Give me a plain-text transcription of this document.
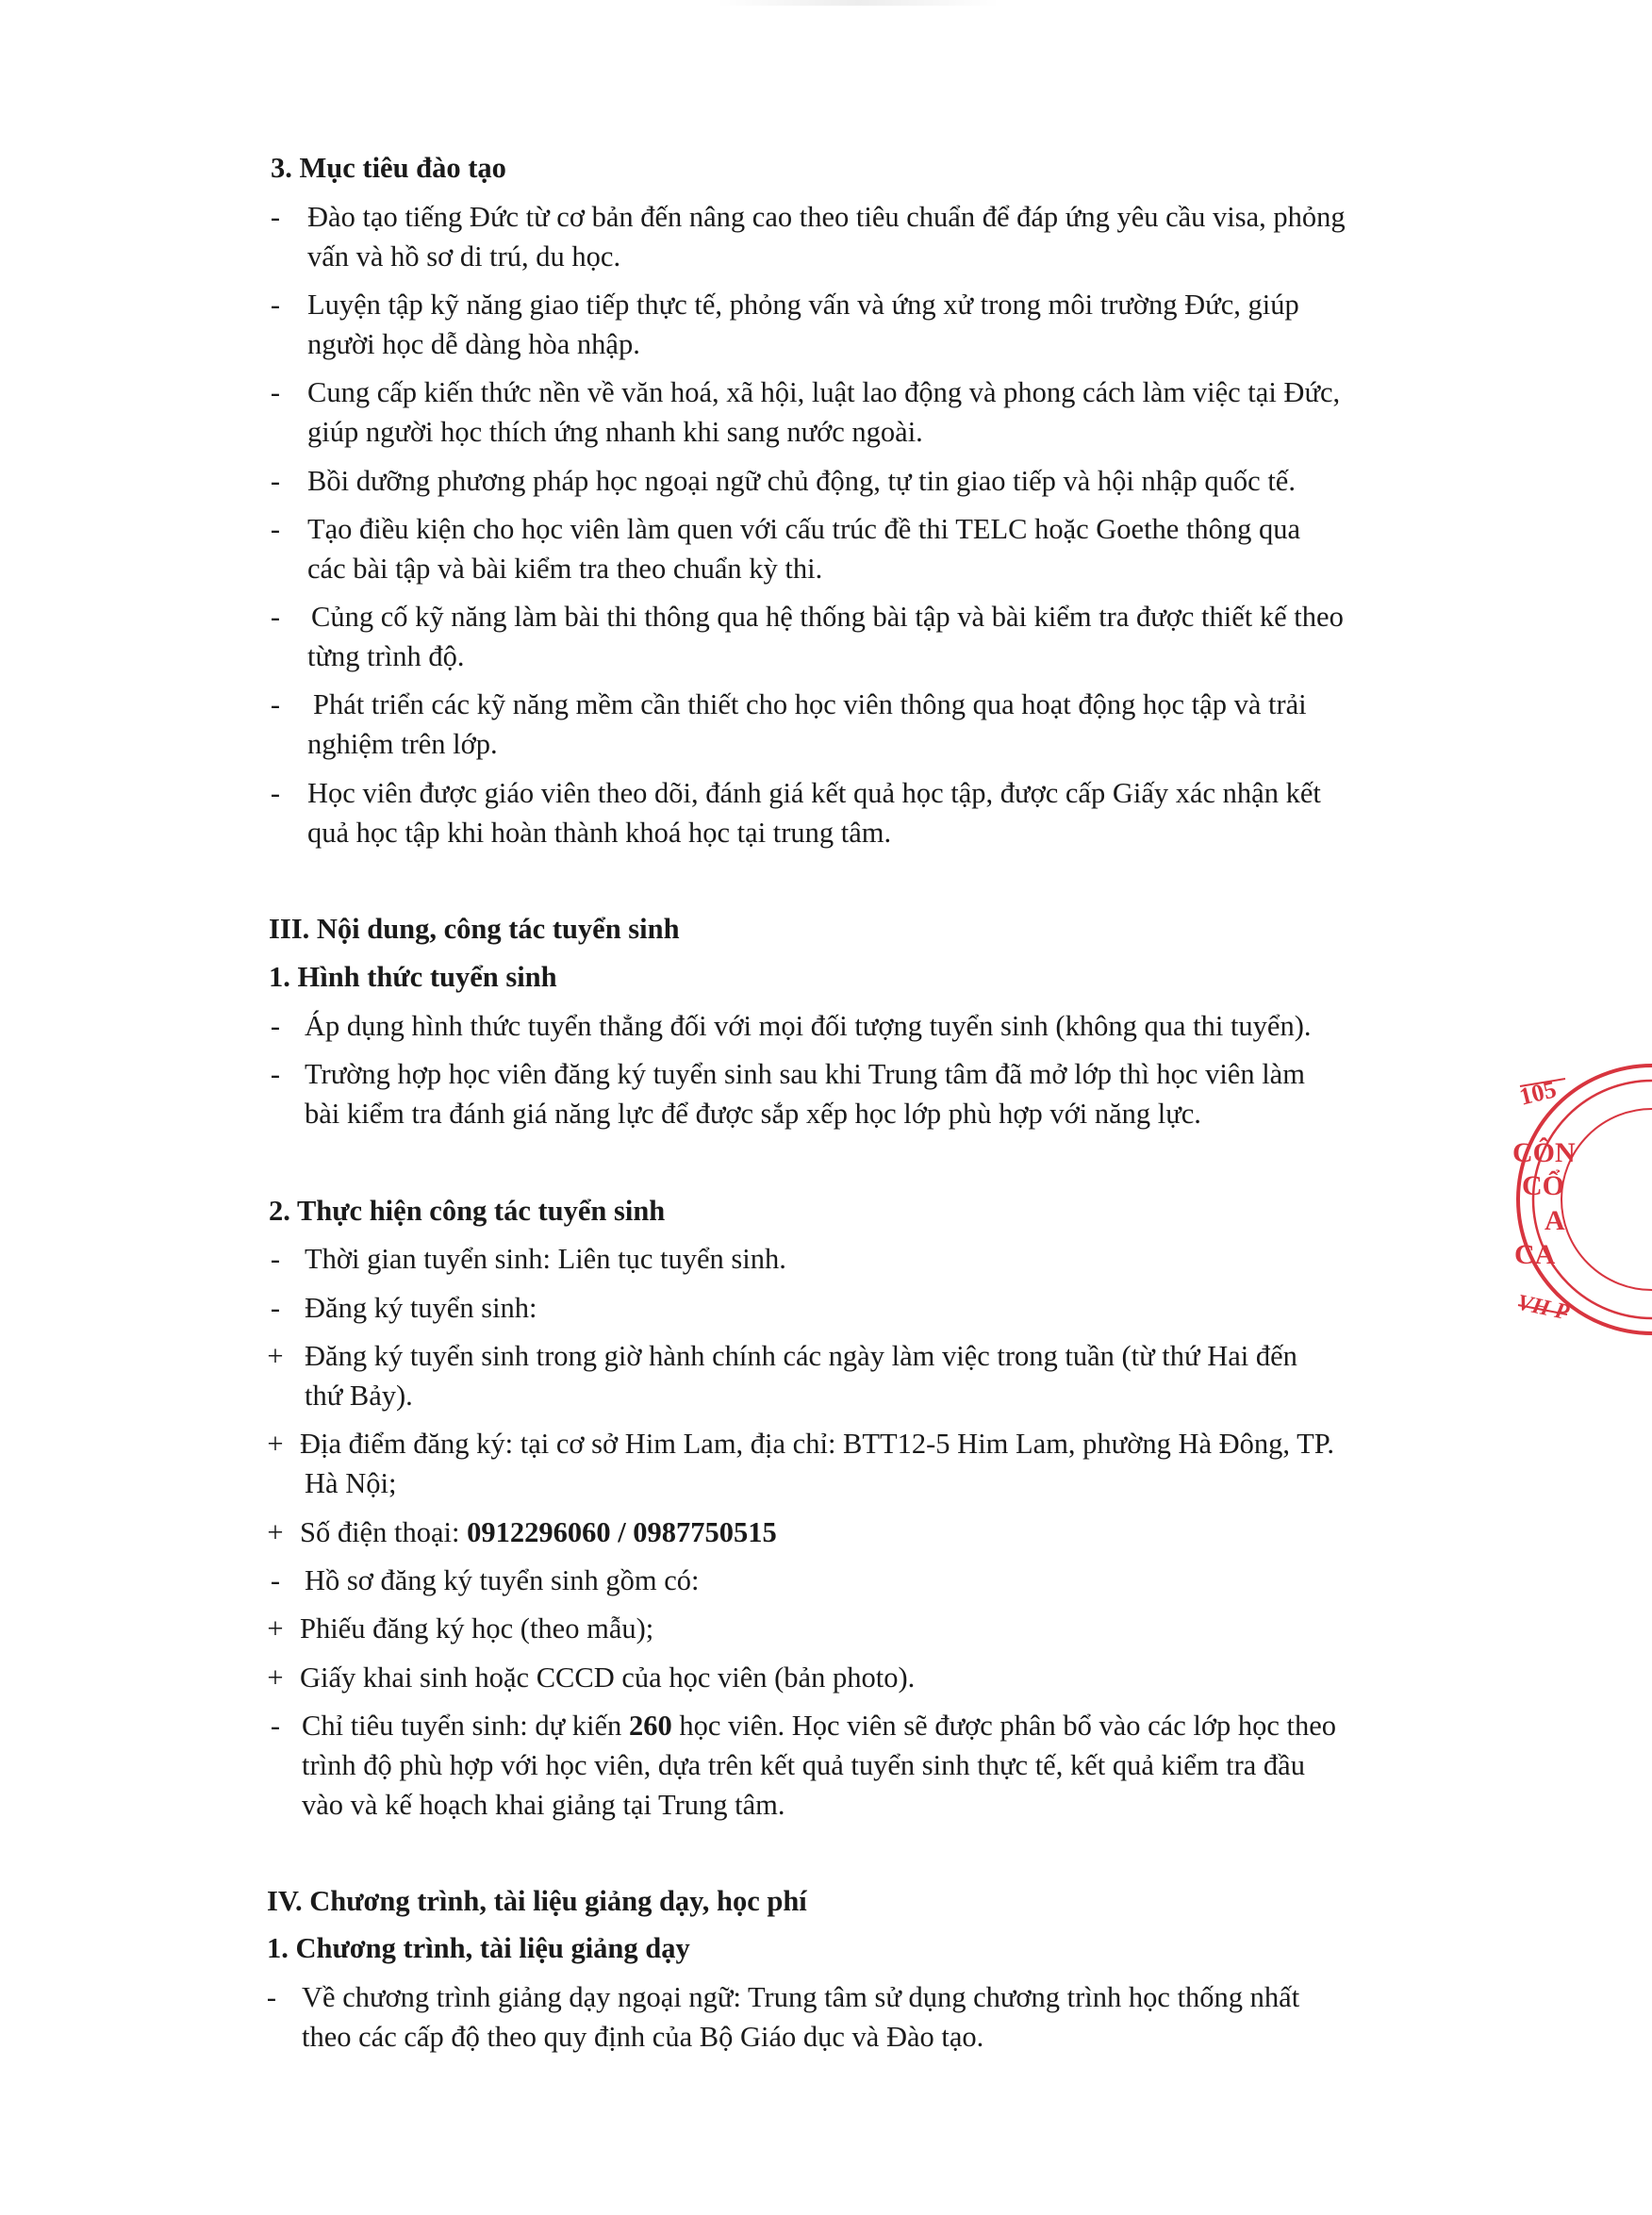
3. Mục tiêu đào tạo
- Đào tạo tiếng Đức từ cơ bản đến nâng cao theo tiêu chuẩn để đáp ứng yêu cầu visa, phỏng
vấn và hồ sơ di trú, du học.
- Luyện tập kỹ năng giao tiếp thực tế, phỏng vấn và ứng xử trong môi trường Đức, giúp
người học dễ dàng hòa nhập.
- Cung cấp kiến thức nền về văn hoá, xã hội, luật lao động và phong cách làm việc tại Đức,
giúp người học thích ứng nhanh khi sang nước ngoài.
- Bồi dưỡng phương pháp học ngoại ngữ chủ động, tự tin giao tiếp và hội nhập quốc tế.
- Tạo điều kiện cho học viên làm quen với cấu trúc đề thi TELC hoặc Goethe thông qua
các bài tập và bài kiểm tra theo chuẩn kỳ thi.
-	Củng cố kỹ năng làm bài thi thông qua hệ thống bài tập và bài kiểm tra được thiết kế theo
từng trình độ.
-	Phát triển các kỹ năng mềm cần thiết cho học viên thông qua hoạt động học tập và trải
nghiệm trên lớp.
- Học viên được giáo viên theo dõi, đánh giá kết quả học tập, được cấp Giấy xác nhận kết
quả học tập khi hoàn thành khoá học tại trung tâm.
III. Nội dung, công tác tuyển sinh
1. Hình thức tuyển sinh
- Áp dụng hình thức tuyển thẳng đối với mọi đối tượng tuyển sinh (không qua thi tuyển).
- Trường hợp học viên đăng ký tuyển sinh sau khi Trung tâm đã mở lớp thì học viên làm
bài kiểm tra đánh giá năng lực để được sắp xếp học lớp phù hợp với năng lực.
2. Thực hiện công tác tuyển sinh
- Thời gian tuyển sinh: Liên tục tuyển sinh.
- Đăng ký tuyển sinh:
+ Đăng ký tuyển sinh trong giờ hành chính các ngày làm việc trong tuần (từ thứ Hai đến
thứ Bảy).
+ Địa điểm đăng ký: tại cơ sở Him Lam, địa chỉ: BTT12-5 Him Lam, phường Hà Đông, TP.
Hà Nội;
+ Số điện thoại: 0912296060 / 0987750515
- Hồ sơ đăng ký tuyển sinh gồm có:
+ Phiếu đăng ký học (theo mẫu);
+ Giấy khai sinh hoặc CCCD của học viên (bản photo).
- Chỉ tiêu tuyển sinh: dự kiến 260 học viên. Học viên sẽ được phân bổ vào các lớp học theo
trình độ phù hợp với học viên, dựa trên kết quả tuyển sinh thực tế, kết quả kiểm tra đầu
vào và kế hoạch khai giảng tại Trung tâm.
IV. Chương trình, tài liệu giảng dạy, học phí
1. Chương trình, tài liệu giảng dạy
- Về chương trình giảng dạy ngoại ngữ: Trung tâm sử dụng chương trình học thống nhất
theo các cấp độ theo quy định của Bộ Giáo dục và Đào tạo.
105
CÔN
CỔ
A
CA
VH P
